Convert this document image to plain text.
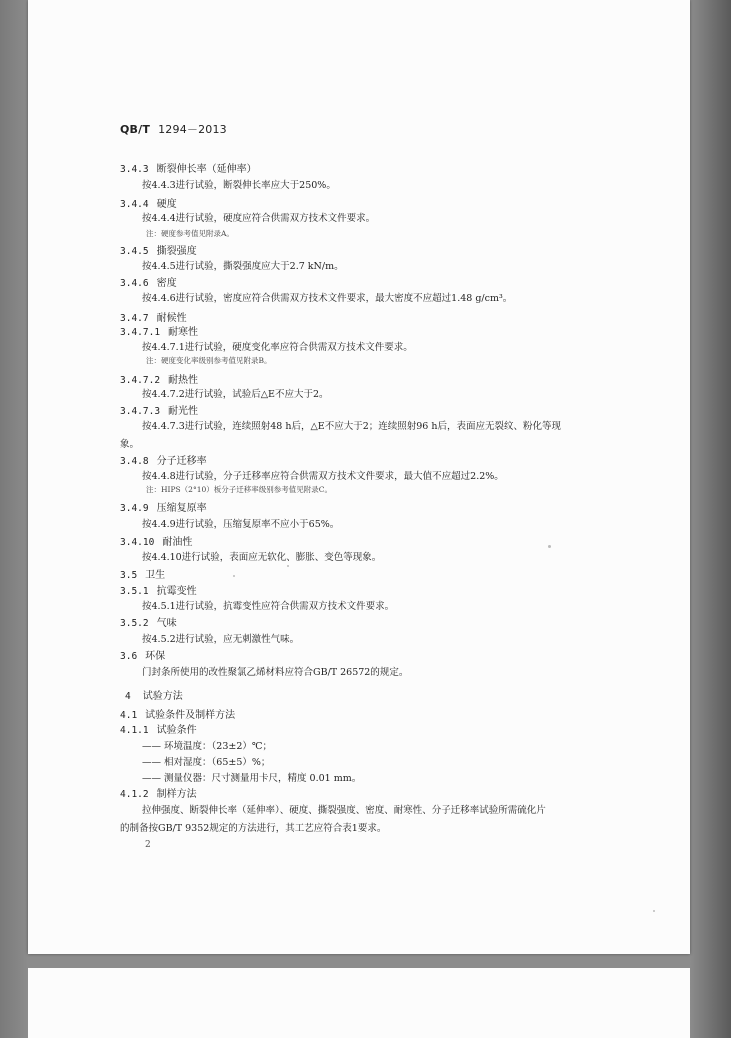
QB/T 1294－2013
3.4.3 断裂伸长率（延伸率）
按4.4.3进行试验，断裂伸长率应大于250%。
3.4.4 硬度
按4.4.4进行试验，硬度应符合供需双方技术文件要求。
注：硬度参考值见附录A。
3.4.5 撕裂强度
按4.4.5进行试验，撕裂强度应大于2.7 kN/m。
3.4.6 密度
按4.4.6进行试验，密度应符合供需双方技术文件要求，最大密度不应超过1.48 g/cm³。
3.4.7 耐候性
3.4.7.1 耐寒性
按4.4.7.1进行试验，硬度变化率应符合供需双方技术文件要求。
注：硬度变化率级别参考值见附录B。
3.4.7.2 耐热性
按4.4.7.2进行试验，试验后△E不应大于2。
3.4.7.3 耐光性
按4.4.7.3进行试验，连续照射48 h后，△E不应大于2；连续照射96 h后，表面应无裂纹、粉化等现
象。
3.4.8 分子迁移率
按4.4.8进行试验，分子迁移率应符合供需双方技术文件要求，最大值不应超过2.2%。
注：HIPS（2°10）板分子迁移率级别参考值见附录C。
3.4.9 压缩复原率
按4.4.9进行试验，压缩复原率不应小于65%。
3.4.10 耐油性
按4.4.10进行试验，表面应无软化、膨胀、变色等现象。
3.5 卫生
3.5.1 抗霉变性
按4.5.1进行试验，抗霉变性应符合供需双方技术文件要求。
3.5.2 气味
按4.5.2进行试验，应无刺激性气味。
3.6 环保
门封条所使用的改性聚氯乙烯材料应符合GB/T 26572的规定。
4 试验方法
4.1 试验条件及制样方法
4.1.1 试验条件
—— 环境温度：（23±2）℃；
—— 相对湿度：（65±5）%；
—— 测量仪器：尺寸测量用卡尺，精度 0.01 mm。
4.1.2 制样方法
拉伸强度、断裂伸长率（延伸率）、硬度、撕裂强度、密度、耐寒性、分子迁移率试验所需硫化片
的制备按GB/T 9352规定的方法进行，其工艺应符合表1要求。
2
